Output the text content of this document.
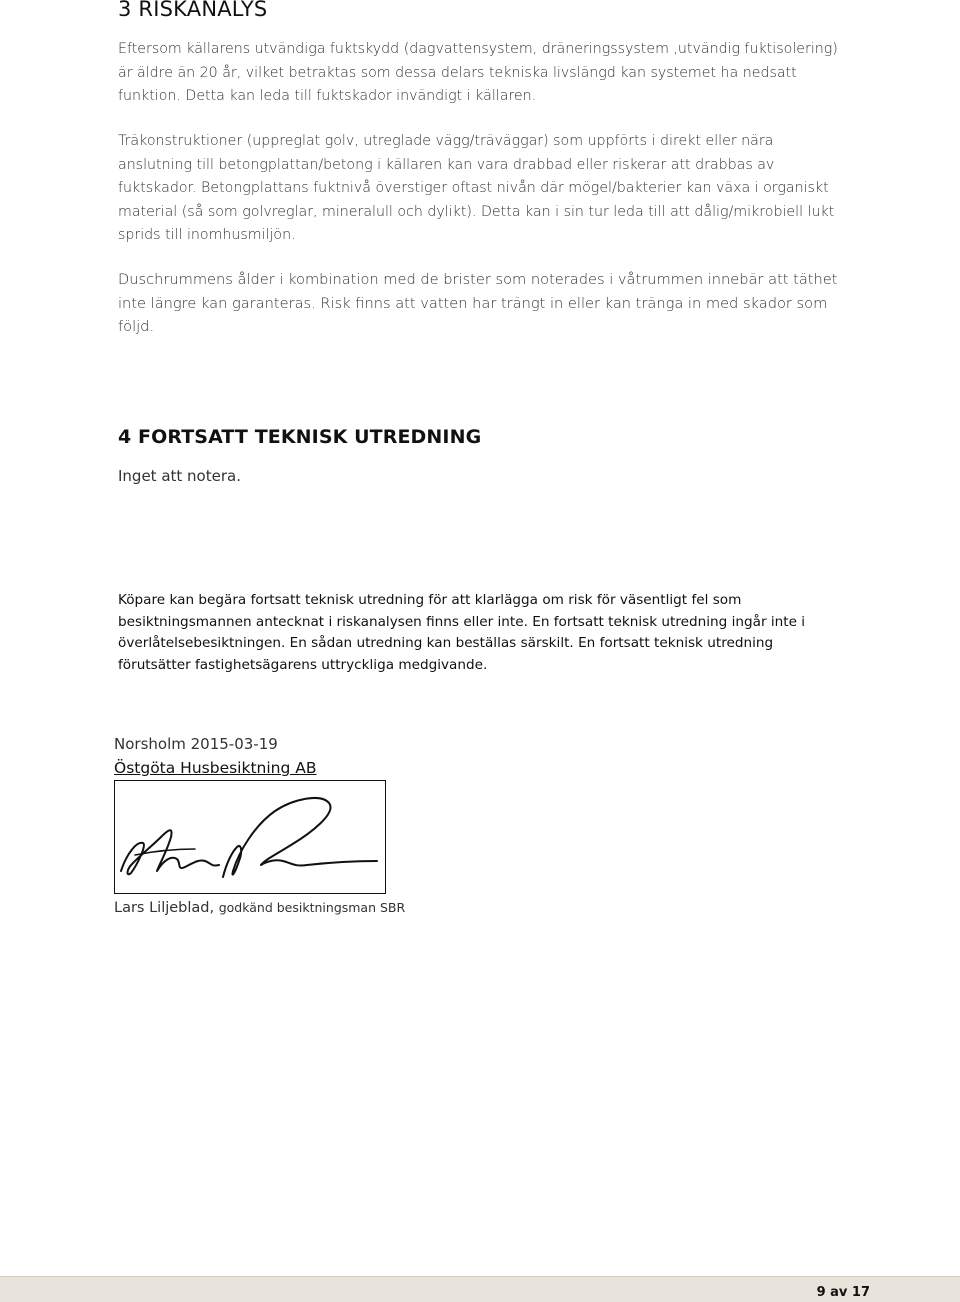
3 RISKANALYS

Eftersom källarens utvändiga fuktskydd (dagvattensystem, dräneringssystem ,utvändig fuktisolering) är äldre än 20 år, vilket betraktas som dessa delars tekniska livslängd kan systemet ha nedsatt funktion. Detta kan leda till fuktskador invändigt i källaren.

Träkonstruktioner (uppreglat golv, utreglade vägg/träväggar) som uppförts i direkt eller nära anslutning till betongplattan/betong i källaren kan vara drabbad eller riskerar att drabbas av fuktskador. Betongplattans fuktnivå överstiger oftast nivån där mögel/bakterier kan växa i organiskt material (så som golvreglar, mineralull och dylikt). Detta kan i sin tur leda till att dålig/mikrobiell lukt sprids till inomhusmiljön.

Duschrummens ålder i kombination med de brister som noterades i våtrummen innebär att täthet inte längre kan garanteras. Risk finns att vatten har trängt in eller kan tränga in med skador som följd.

4 FORTSATT TEKNISK UTREDNING

Inget att notera.

Köpare kan begära fortsatt teknisk utredning för att klarlägga om risk för väsentligt fel som besiktningsmannen antecknat i riskanalysen finns eller inte. En fortsatt teknisk utredning ingår inte i överlåtelsebesiktningen. En sådan utredning kan beställas särskilt. En fortsatt teknisk utredning förutsätter fastighetsägarens uttryckliga medgivande.

Norsholm 2015-03-19

Östgöta Husbesiktning AB

Lars Liljeblad, godkänd besiktningsman SBR

9 av 17
